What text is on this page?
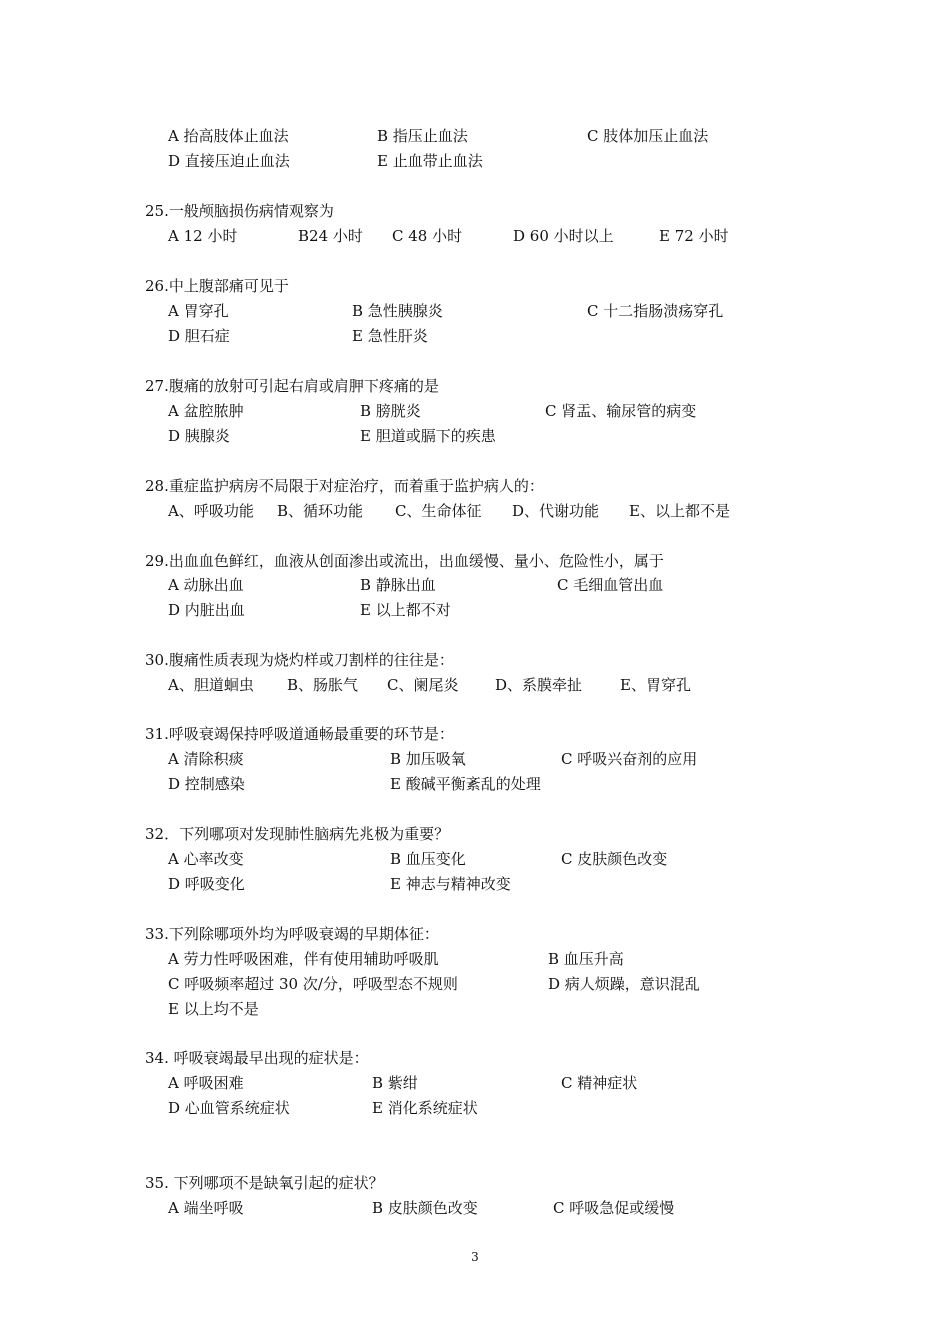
A 抬高肢体止血法	B 指压止血法	C 肢体加压止血法
D 直接压迫止血法	E 止血带止血法
25.一般颅脑损伤病情观察为
A 12 小时	B24 小时 C 48 小时	D 60 小时以上	E 72 小时
26.中上腹部痛可见于
A 胃穿孔	B 急性胰腺炎	C 十二指肠溃疡穿孔
D 胆石症	E 急性肝炎
27.腹痛的放射可引起右肩或肩胛下疼痛的是
A 盆腔脓肿	B 膀胱炎	C 肾盂、输尿管的病变
D 胰腺炎	E 胆道或膈下的疾患
28.重症监护病房不局限于对症治疗，而着重于监护病人的：
A、呼吸功能 B、循环功能 C、生命体征 D、代谢功能 E、以上都不是
29.出血血色鲜红，血液从创面渗出或流出，出血缓慢、量小、危险性小，属于
A 动脉出血	B 静脉出血	C 毛细血管出血
D 内脏出血	E 以上都不对
30.腹痛性质表现为烧灼样或刀割样的往往是：
A、胆道蛔虫 B、肠胀气 C、阑尾炎 D、系膜牵扯	E、胃穿孔
31.呼吸衰竭保持呼吸道通畅最重要的环节是：
A 清除积痰	B 加压吸氧	C 呼吸兴奋剂的应用
D 控制感染	E 酸碱平衡紊乱的处理
32．下列哪项对发现肺性脑病先兆极为重要？
A 心率改变	B 血压变化	C 皮肤颜色改变
D 呼吸变化	E 神志与精神改变
33.下列除哪项外均为呼吸衰竭的早期体征：
A 劳力性呼吸困难，伴有使用辅助呼吸肌	B 血压升高
C 呼吸频率超过 30 次/分，呼吸型态不规则	D 病人烦躁，意识混乱
E 以上均不是
34. 呼吸衰竭最早出现的症状是：
A 呼吸困难	B 紫绀	C 精神症状
D 心血管系统症状	E 消化系统症状
35. 下列哪项不是缺氧引起的症状？
A 端坐呼吸	B 皮肤颜色改变	C 呼吸急促或缓慢
3
